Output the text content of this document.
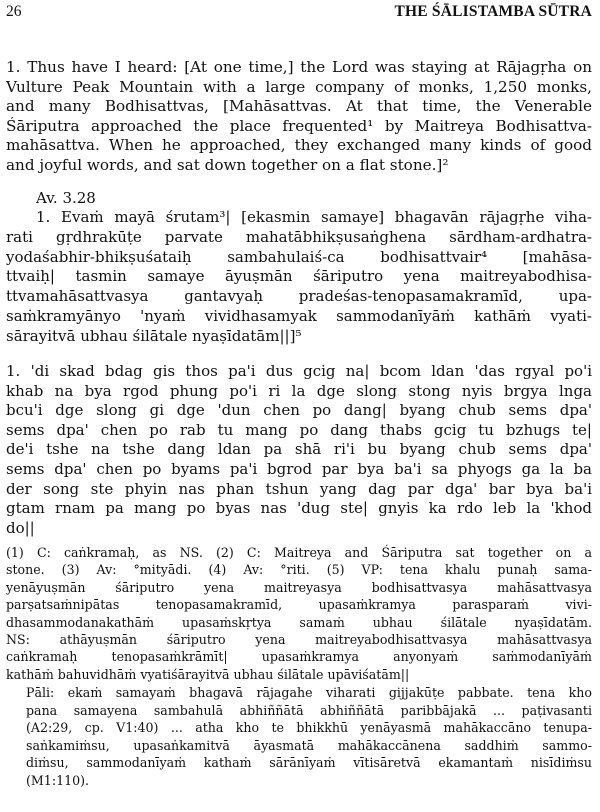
26	THE ŚĀLISTAMBA SŪTRA
1. Thus have I heard: [At one time,] the Lord was staying at Rājagṛha on
Vulture Peak Mountain with a large company of monks, 1,250 monks,
and many Bodhisattvas, [Mahāsattvas. At that time, the Venerable
Śāriputra approached the place frequented¹ by Maitreya Bodhisattva-
mahāsattva. When he approached, they exchanged many kinds of good
and joyful words, and sat down together on a flat stone.]²
Av. 3.28
1. Evaṁ mayā śrutam³| [ekasmin samaye] bhagavān rājagṛhe viha-
rati gṛdhrakūṭe parvate mahatābhikṣusaṅghena sārdham-ardhatra-
yodaśabhir-bhikṣuśataiḥ sambahulaiś-ca bodhisattvair⁴ [mahāsa-
ttvaiḥ| tasmin samaye āyuṣmān śāriputro yena maitreyabodhisa-
ttvamahāsattvasya gantavyaḥ pradeśas-tenopasamakramīd, upa-
saṁkramyānyo 'nyaṁ vividhasamyak sammodanīyāṁ kathāṁ vyati-
sārayitvā ubhau śilātale nyaṣīdatām||]⁵
1. 'di skad bdag gis thos pa'i dus gcig na| bcom ldan 'das rgyal po'i
khab na bya rgod phung po'i ri la dge slong stong nyis brgya lnga
bcu'i dge slong gi dge 'dun chen po dang| byang chub sems dpa'
sems dpa' chen po rab tu mang po dang thabs gcig tu bzhugs te|
de'i tshe na tshe dang ldan pa shā ri'i bu byang chub sems dpa'
sems dpa' chen po byams pa'i bgrod par bya ba'i sa phyogs ga la ba
der song ste phyin nas phan tshun yang dag par dga' bar bya ba'i
gtam rnam pa mang po byas nas 'dug ste| gnyis ka rdo leb la 'khod
do||
(1) C: caṅkramaḥ, as NS. (2) C: Maitreya and Śāriputra sat together on a
stone. (3) Av: °mityādi. (4) Av: °riti. (5) VP: tena khalu punaḥ sama-
yenāyuṣmān śāriputro yena maitreyasya bodhisattvasya mahāsattvasya
parṣatsaṁnipātas tenopasamakramīd, upasaṁkramya parasparaṁ vivi-
dhasammodanakathāṁ upasaṁskṛtya samaṁ ubhau śilātale nyaṣīdatām.
NS: athāyuṣmān śāriputro yena maitreyabodhisattvasya mahāsattvasya
caṅkramaḥ tenopasaṁkrāmīt| upasaṁkramya anyonyaṁ saṁmodanīyāṁ
kathāṁ bahuvidhāṁ vyatiśārayitvā ubhau śilātale upāviśatām||
Pāli: ekaṁ samayaṁ bhagavā rājagahe viharati gijjakūṭe pabbate. tena kho
pana samayena sambahulā abhiññātā abhiññātā paribbājakā ... paṭivasanti
(A2:29, cp. V1:40) ... atha kho te bhikkhū yenāyasmā mahākaccāno tenupa-
saṅkamiṁsu, upasaṅkamitvā āyasmatā mahākaccānena saddhiṁ sammo-
diṁsu, sammodanīyaṁ kathaṁ sārānīyaṁ vītisāretvā ekamantaṁ nisīdiṁsu
(M1:110).
